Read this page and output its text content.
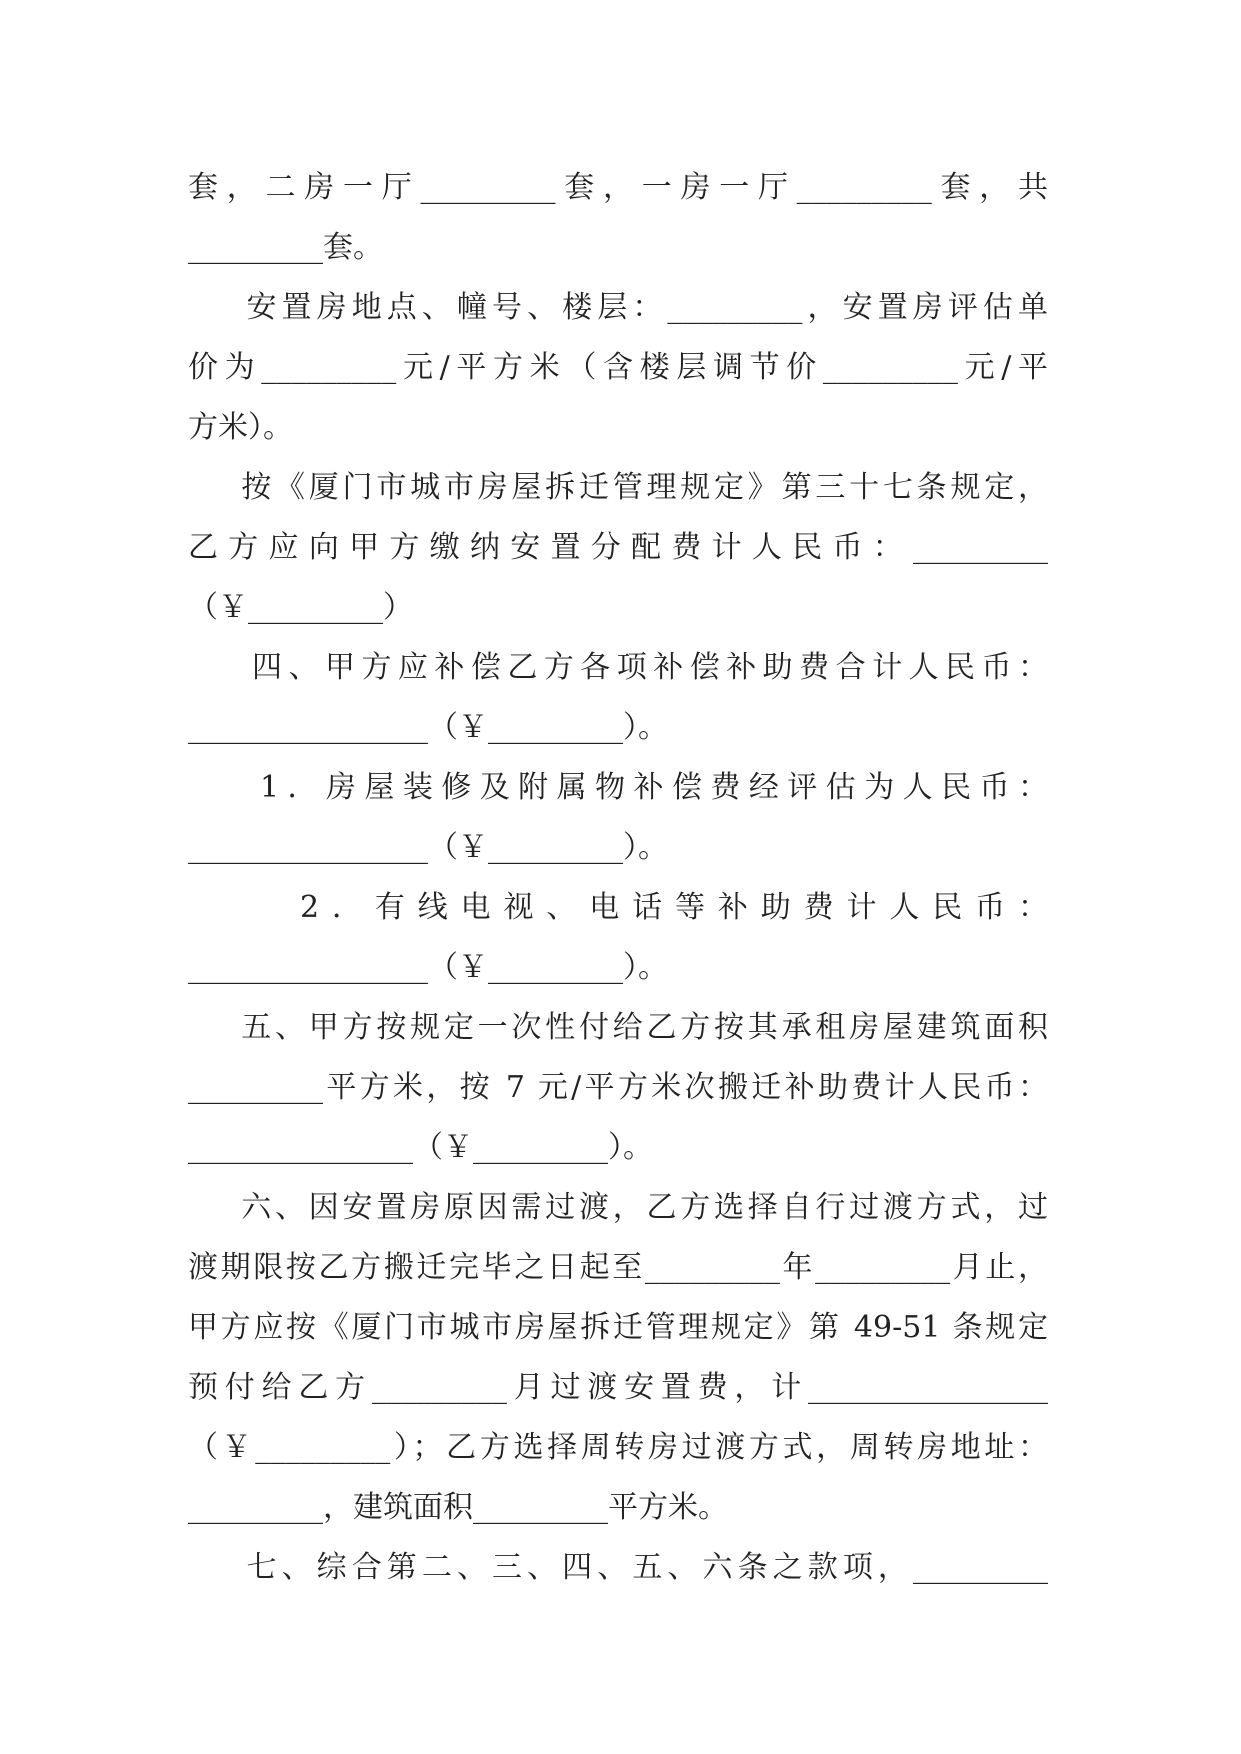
套，二房一厅_________套，一房一厅_________套，共
_________套。
安置房地点、幢号、楼层：_________，安置房评估单
价为_________元/平方米（含楼层调节价_________元/平
方米）。
按《厦门市城市房屋拆迁管理规定》第三十七条规定，
乙方应向甲方缴纳安置分配费计人民币：_________
（￥_________）
四、甲方应补偿乙方各项补偿补助费合计人民币：
________________（￥_________）。
1．房屋装修及附属物补偿费经评估为人民币：
________________（￥_________）。
2．有线电视、电话等补助费计人民币：
________________（￥_________）。
五、甲方按规定一次性付给乙方按其承租房屋建筑面积
_________平方米，按 7 元/平方米次搬迁补助费计人民币：
_______________（￥_________）。
六、因安置房原因需过渡，乙方选择自行过渡方式，过
渡期限按乙方搬迁完毕之日起至_________年_________月止，
甲方应按《厦门市城市房屋拆迁管理规定》第 49-51 条规定
预付给乙方_________月过渡安置费，计________________
（￥_________）；乙方选择周转房过渡方式，周转房地址：
_________，建筑面积_________平方米。
七、综合第二、三、四、五、六条之款项，_________
